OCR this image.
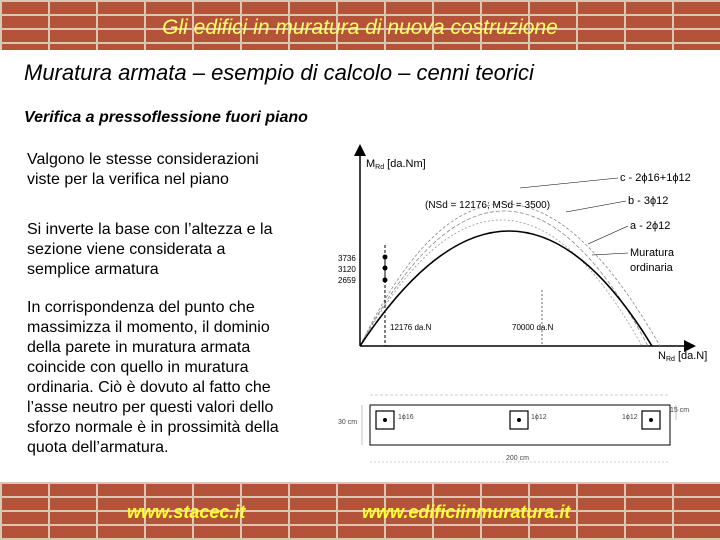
Gli edifici in muratura di nuova costruzione
Muratura armata – esempio di calcolo – cenni teorici
Verifica a pressoflessione fuori piano
Valgono le stesse considerazioni
viste per la verifica nel piano
Si inverte la base con l’altezza e la
sezione viene considerata a
semplice armatura
In corrispondenza del punto che
massimizza il momento, il dominio
della parete in muratura armata
coincide con quello in muratura
ordinaria. Ciò è dovuto al fatto che
l’asse neutro per questi valori dello
sforzo normale è in prossimità della
quota dell’armatura.
MRd [da.Nm]
NRd [da.N]
3736
3120
2659
12176 da.N	70000 da.N
(NSd = 12176; MSd = 3500)
c - 2ϕ16+1ϕ12
b - 3ϕ12
a - 2ϕ12
Muratura
ordinaria
1ϕ16	1ϕ12	1ϕ12
30 cm
200 cm
15 cm
www.stacec.it	www.edificiinmuratura.it
